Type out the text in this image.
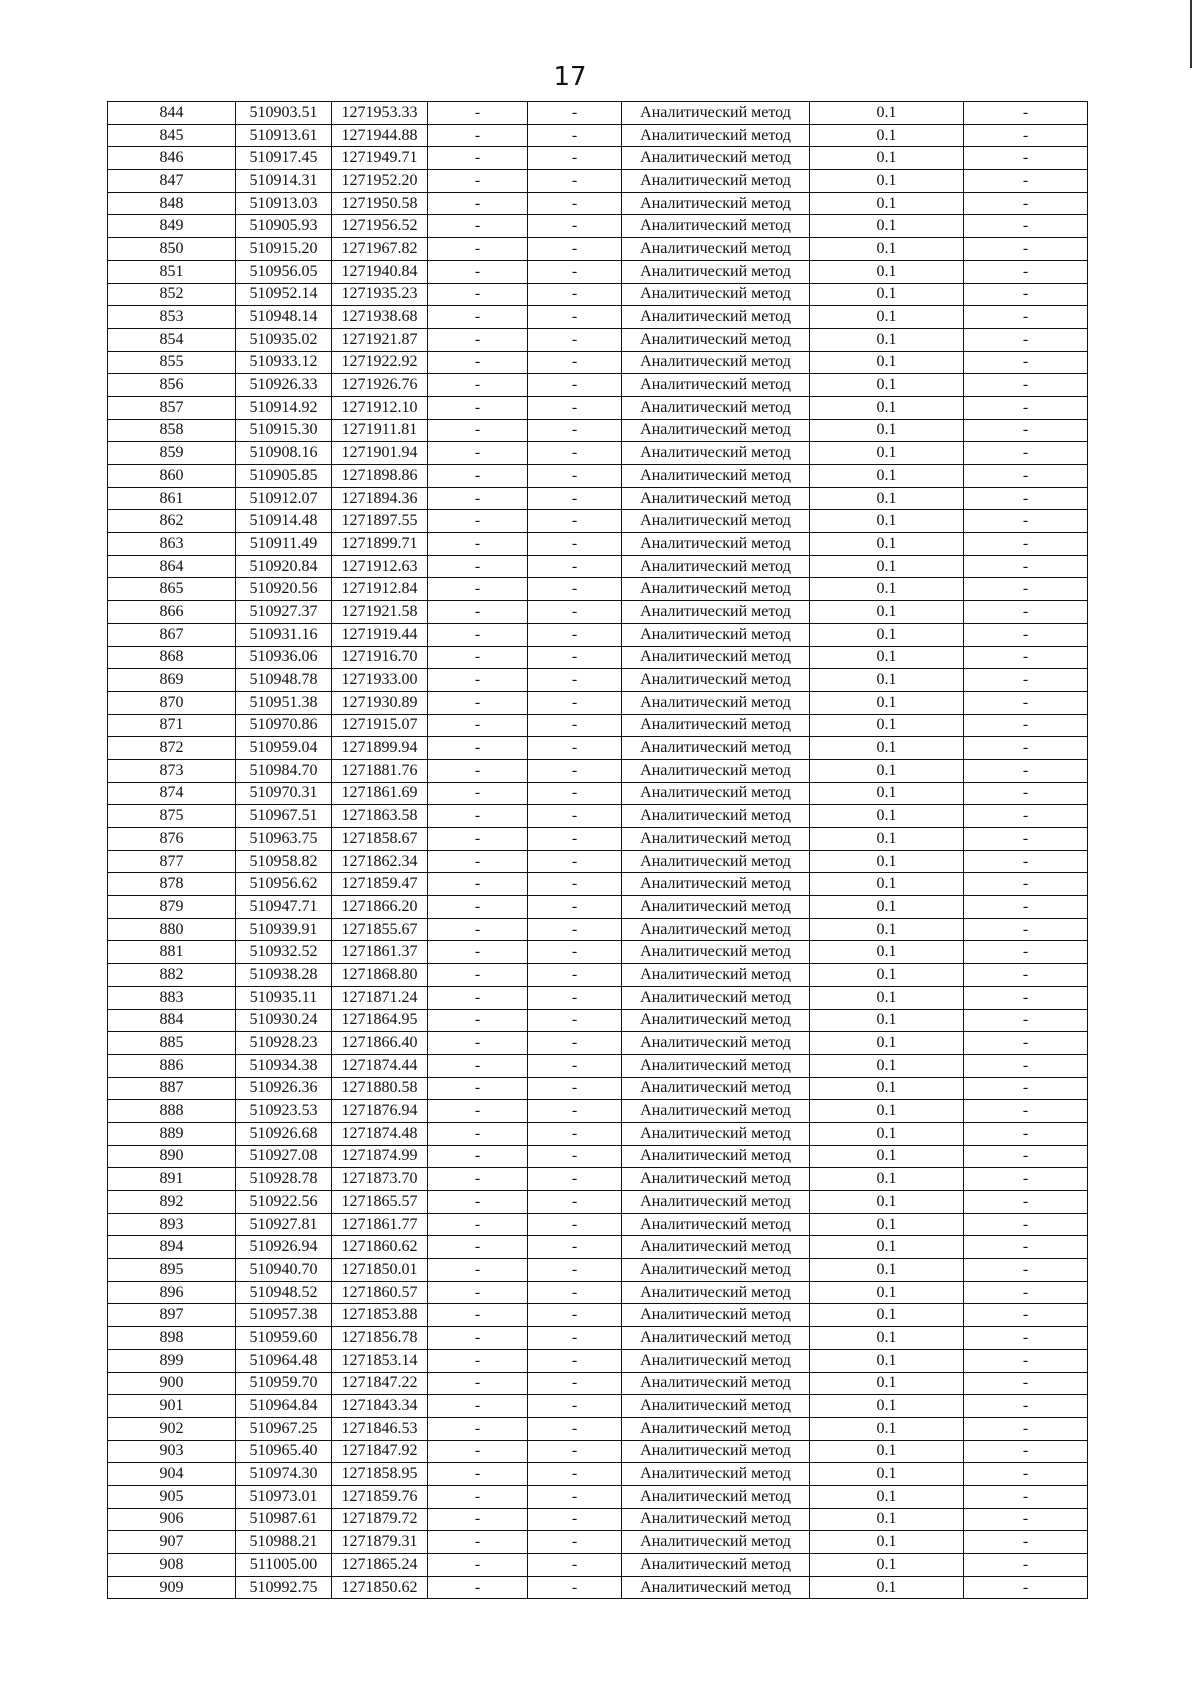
17
844	510903.51	1271953.33	-	-	Аналитический метод	0.1	-
845	510913.61	1271944.88	-	-	Аналитический метод	0.1	-
846	510917.45	1271949.71	-	-	Аналитический метод	0.1	-
847	510914.31	1271952.20	-	-	Аналитический метод	0.1	-
848	510913.03	1271950.58	-	-	Аналитический метод	0.1	-
849	510905.93	1271956.52	-	-	Аналитический метод	0.1	-
850	510915.20	1271967.82	-	-	Аналитический метод	0.1	-
851	510956.05	1271940.84	-	-	Аналитический метод	0.1	-
852	510952.14	1271935.23	-	-	Аналитический метод	0.1	-
853	510948.14	1271938.68	-	-	Аналитический метод	0.1	-
854	510935.02	1271921.87	-	-	Аналитический метод	0.1	-
855	510933.12	1271922.92	-	-	Аналитический метод	0.1	-
856	510926.33	1271926.76	-	-	Аналитический метод	0.1	-
857	510914.92	1271912.10	-	-	Аналитический метод	0.1	-
858	510915.30	1271911.81	-	-	Аналитический метод	0.1	-
859	510908.16	1271901.94	-	-	Аналитический метод	0.1	-
860	510905.85	1271898.86	-	-	Аналитический метод	0.1	-
861	510912.07	1271894.36	-	-	Аналитический метод	0.1	-
862	510914.48	1271897.55	-	-	Аналитический метод	0.1	-
863	510911.49	1271899.71	-	-	Аналитический метод	0.1	-
864	510920.84	1271912.63	-	-	Аналитический метод	0.1	-
865	510920.56	1271912.84	-	-	Аналитический метод	0.1	-
866	510927.37	1271921.58	-	-	Аналитический метод	0.1	-
867	510931.16	1271919.44	-	-	Аналитический метод	0.1	-
868	510936.06	1271916.70	-	-	Аналитический метод	0.1	-
869	510948.78	1271933.00	-	-	Аналитический метод	0.1	-
870	510951.38	1271930.89	-	-	Аналитический метод	0.1	-
871	510970.86	1271915.07	-	-	Аналитический метод	0.1	-
872	510959.04	1271899.94	-	-	Аналитический метод	0.1	-
873	510984.70	1271881.76	-	-	Аналитический метод	0.1	-
874	510970.31	1271861.69	-	-	Аналитический метод	0.1	-
875	510967.51	1271863.58	-	-	Аналитический метод	0.1	-
876	510963.75	1271858.67	-	-	Аналитический метод	0.1	-
877	510958.82	1271862.34	-	-	Аналитический метод	0.1	-
878	510956.62	1271859.47	-	-	Аналитический метод	0.1	-
879	510947.71	1271866.20	-	-	Аналитический метод	0.1	-
880	510939.91	1271855.67	-	-	Аналитический метод	0.1	-
881	510932.52	1271861.37	-	-	Аналитический метод	0.1	-
882	510938.28	1271868.80	-	-	Аналитический метод	0.1	-
883	510935.11	1271871.24	-	-	Аналитический метод	0.1	-
884	510930.24	1271864.95	-	-	Аналитический метод	0.1	-
885	510928.23	1271866.40	-	-	Аналитический метод	0.1	-
886	510934.38	1271874.44	-	-	Аналитический метод	0.1	-
887	510926.36	1271880.58	-	-	Аналитический метод	0.1	-
888	510923.53	1271876.94	-	-	Аналитический метод	0.1	-
889	510926.68	1271874.48	-	-	Аналитический метод	0.1	-
890	510927.08	1271874.99	-	-	Аналитический метод	0.1	-
891	510928.78	1271873.70	-	-	Аналитический метод	0.1	-
892	510922.56	1271865.57	-	-	Аналитический метод	0.1	-
893	510927.81	1271861.77	-	-	Аналитический метод	0.1	-
894	510926.94	1271860.62	-	-	Аналитический метод	0.1	-
895	510940.70	1271850.01	-	-	Аналитический метод	0.1	-
896	510948.52	1271860.57	-	-	Аналитический метод	0.1	-
897	510957.38	1271853.88	-	-	Аналитический метод	0.1	-
898	510959.60	1271856.78	-	-	Аналитический метод	0.1	-
899	510964.48	1271853.14	-	-	Аналитический метод	0.1	-
900	510959.70	1271847.22	-	-	Аналитический метод	0.1	-
901	510964.84	1271843.34	-	-	Аналитический метод	0.1	-
902	510967.25	1271846.53	-	-	Аналитический метод	0.1	-
903	510965.40	1271847.92	-	-	Аналитический метод	0.1	-
904	510974.30	1271858.95	-	-	Аналитический метод	0.1	-
905	510973.01	1271859.76	-	-	Аналитический метод	0.1	-
906	510987.61	1271879.72	-	-	Аналитический метод	0.1	-
907	510988.21	1271879.31	-	-	Аналитический метод	0.1	-
908	511005.00	1271865.24	-	-	Аналитический метод	0.1	-
909	510992.75	1271850.62	-	-	Аналитический метод	0.1	-
